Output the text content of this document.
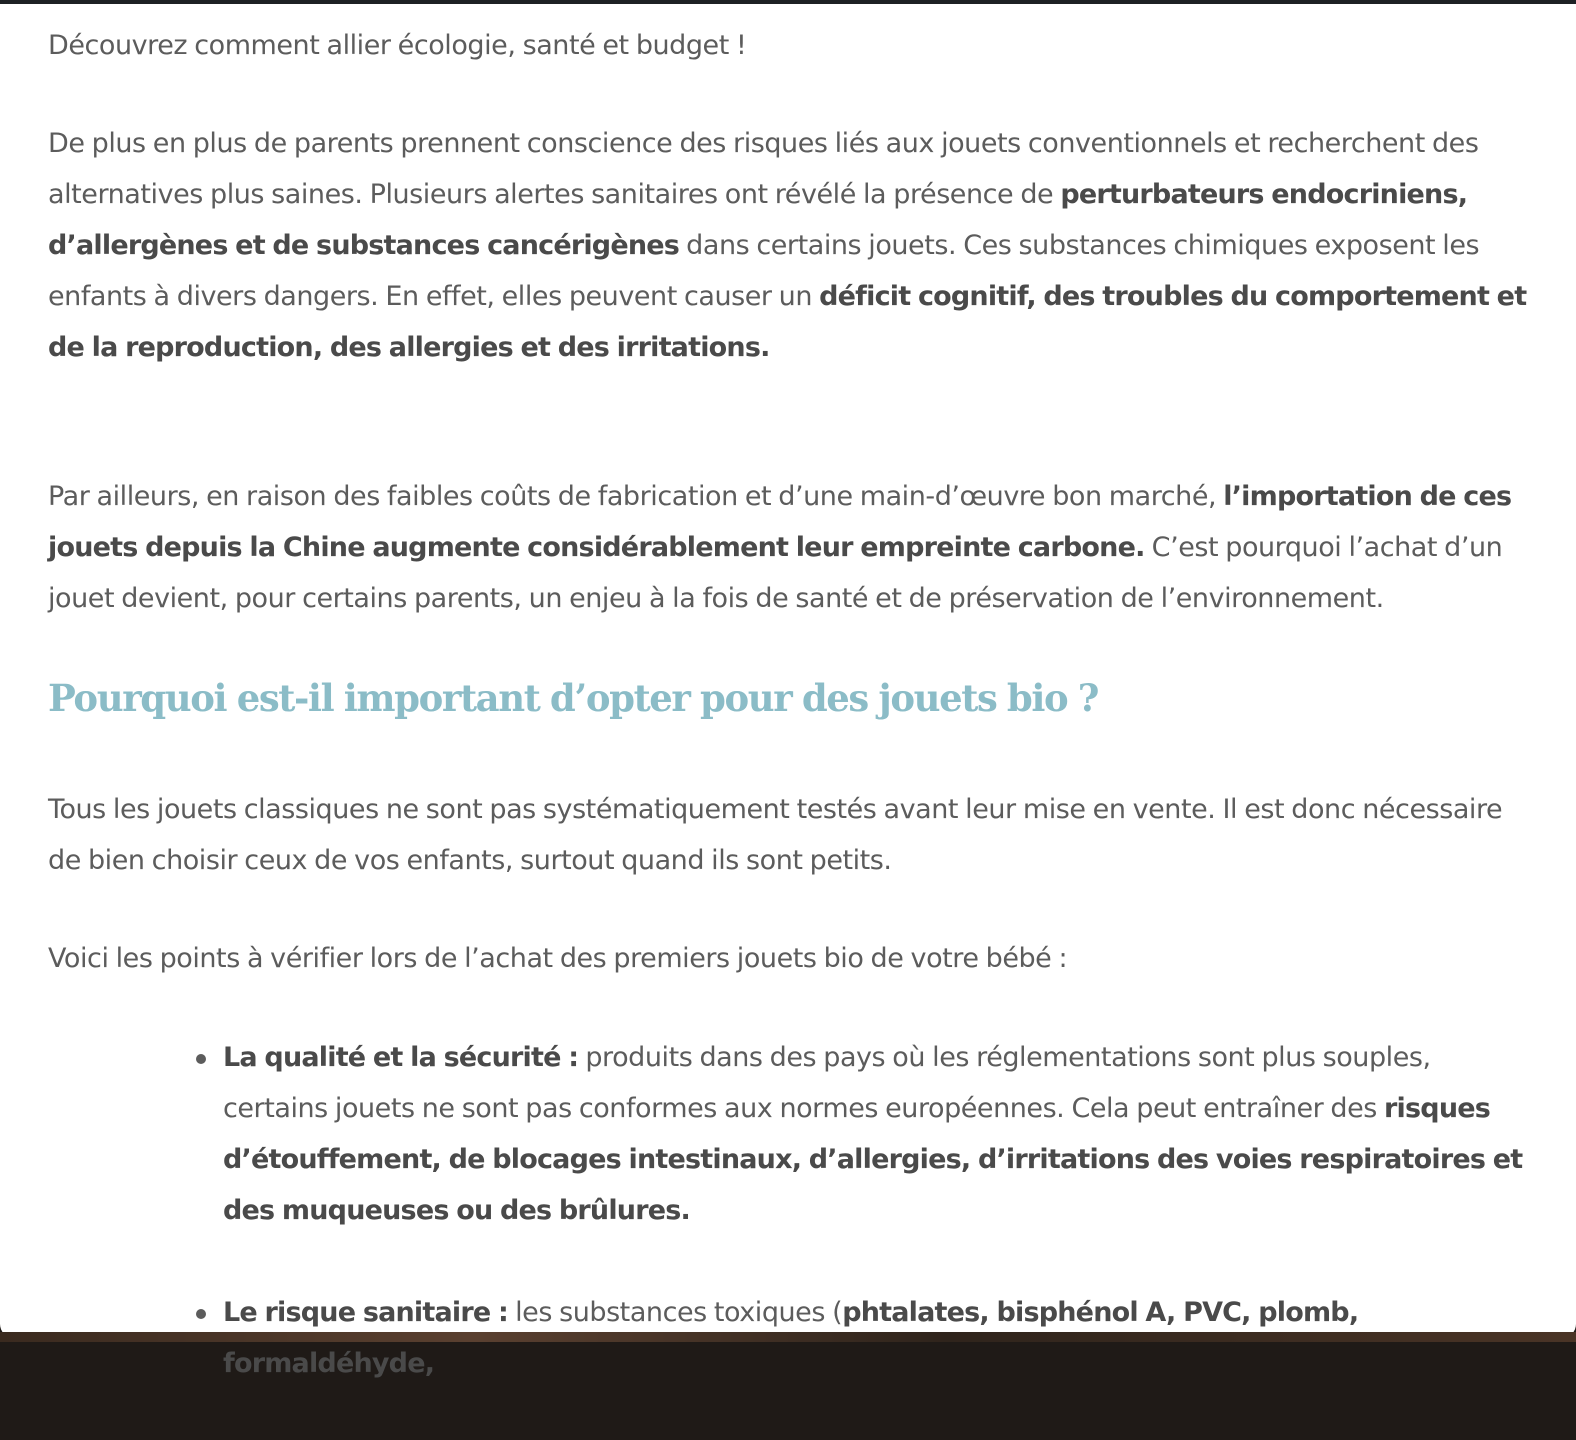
Découvrez comment allier écologie, santé et budget !

De plus en plus de parents prennent conscience des risques liés aux jouets conventionnels et recherchent des alternatives plus saines. Plusieurs alertes sanitaires ont révélé la présence de perturbateurs endocriniens, d’allergènes et de substances cancérigènes dans certains jouets. Ces substances chimiques exposent les enfants à divers dangers. En effet, elles peuvent causer un déficit cognitif, des troubles du comportement et de la reproduction, des allergies et des irritations.

Par ailleurs, en raison des faibles coûts de fabrication et d’une main-d’œuvre bon marché, l’importation de ces jouets depuis la Chine augmente considérablement leur empreinte carbone. C’est pourquoi l’achat d’un jouet devient, pour certains parents, un enjeu à la fois de santé et de préservation de l’environnement.

Pourquoi est-il important d’opter pour des jouets bio ?

Tous les jouets classiques ne sont pas systématiquement testés avant leur mise en vente. Il est donc nécessaire de bien choisir ceux de vos enfants, surtout quand ils sont petits.

Voici les points à vérifier lors de l’achat des premiers jouets bio de votre bébé :

La qualité et la sécurité : produits dans des pays où les réglementations sont plus souples, certains jouets ne sont pas conformes aux normes européennes. Cela peut entraîner des risques d’étouffement, de blocages intestinaux, d’allergies, d’irritations des voies respiratoires et des muqueuses ou des brûlures.
Le risque sanitaire : les substances toxiques (phtalates, bisphénol A, PVC, plomb, formaldéhyde,
